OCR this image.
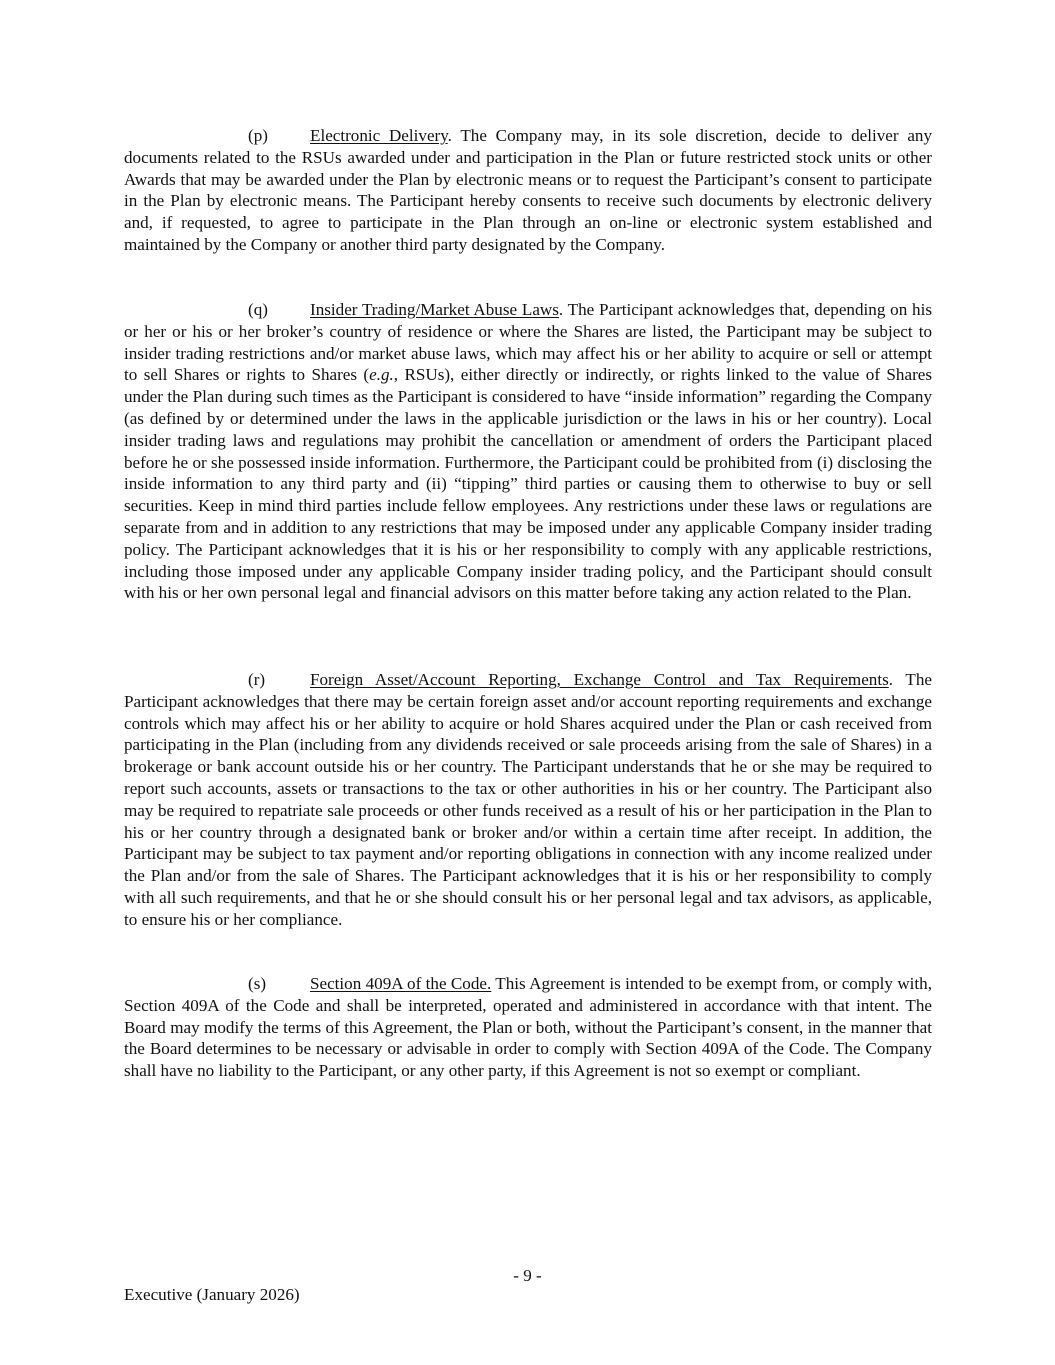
(p) Electronic Delivery. The Company may, in its sole discretion, decide to deliver any documents related to the RSUs awarded under and participation in the Plan or future restricted stock units or other Awards that may be awarded under the Plan by electronic means or to request the Participant’s consent to participate in the Plan by electronic means. The Participant hereby consents to receive such documents by electronic delivery and, if requested, to agree to participate in the Plan through an on-line or electronic system established and maintained by the Company or another third party designated by the Company.
(q) Insider Trading/Market Abuse Laws. The Participant acknowledges that, depending on his or her or his or her broker’s country of residence or where the Shares are listed, the Participant may be subject to insider trading restrictions and/or market abuse laws, which may affect his or her ability to acquire or sell or attempt to sell Shares or rights to Shares (e.g., RSUs), either directly or indirectly, or rights linked to the value of Shares under the Plan during such times as the Participant is considered to have “inside information” regarding the Company (as defined by or determined under the laws in the applicable jurisdiction or the laws in his or her country). Local insider trading laws and regulations may prohibit the cancellation or amendment of orders the Participant placed before he or she possessed inside information. Furthermore, the Participant could be prohibited from (i) disclosing the inside information to any third party and (ii) “tipping” third parties or causing them to otherwise to buy or sell securities. Keep in mind third parties include fellow employees. Any restrictions under these laws or regulations are separate from and in addition to any restrictions that may be imposed under any applicable Company insider trading policy. The Participant acknowledges that it is his or her responsibility to comply with any applicable restrictions, including those imposed under any applicable Company insider trading policy, and the Participant should consult with his or her own personal legal and financial advisors on this matter before taking any action related to the Plan.
(r)	Foreign Asset/Account Reporting, Exchange Control and Tax Requirements. The Participant acknowledges that there may be certain foreign asset and/or account reporting requirements and exchange controls which may affect his or her ability to acquire or hold Shares acquired under the Plan or cash received from participating in the Plan (including from any dividends received or sale proceeds arising from the sale of Shares) in a brokerage or bank account outside his or her country. The Participant understands that he or she may be required to report such accounts, assets or transactions to the tax or other authorities in his or her country. The Participant also may be required to repatriate sale proceeds or other funds received as a result of his or her participation in the Plan to his or her country through a designated bank or broker and/or within a certain time after receipt. In addition, the Participant may be subject to tax payment and/or reporting obligations in connection with any income realized under the Plan and/or from the sale of Shares. The Participant acknowledges that it is his or her responsibility to comply with all such requirements, and that he or she should consult his or her personal legal and tax advisors, as applicable, to ensure his or her compliance.
(s)	Section 409A of the Code. This Agreement is intended to be exempt from, or comply with, Section 409A of the Code and shall be interpreted, operated and administered in accordance with that intent. The Board may modify the terms of this Agreement, the Plan or both, without the Participant’s consent, in the manner that the Board determines to be necessary or advisable in order to comply with Section 409A of the Code. The Company shall have no liability to the Participant, or any other party, if this Agreement is not so exempt or compliant.
- 9 -
Executive (January 2026)
